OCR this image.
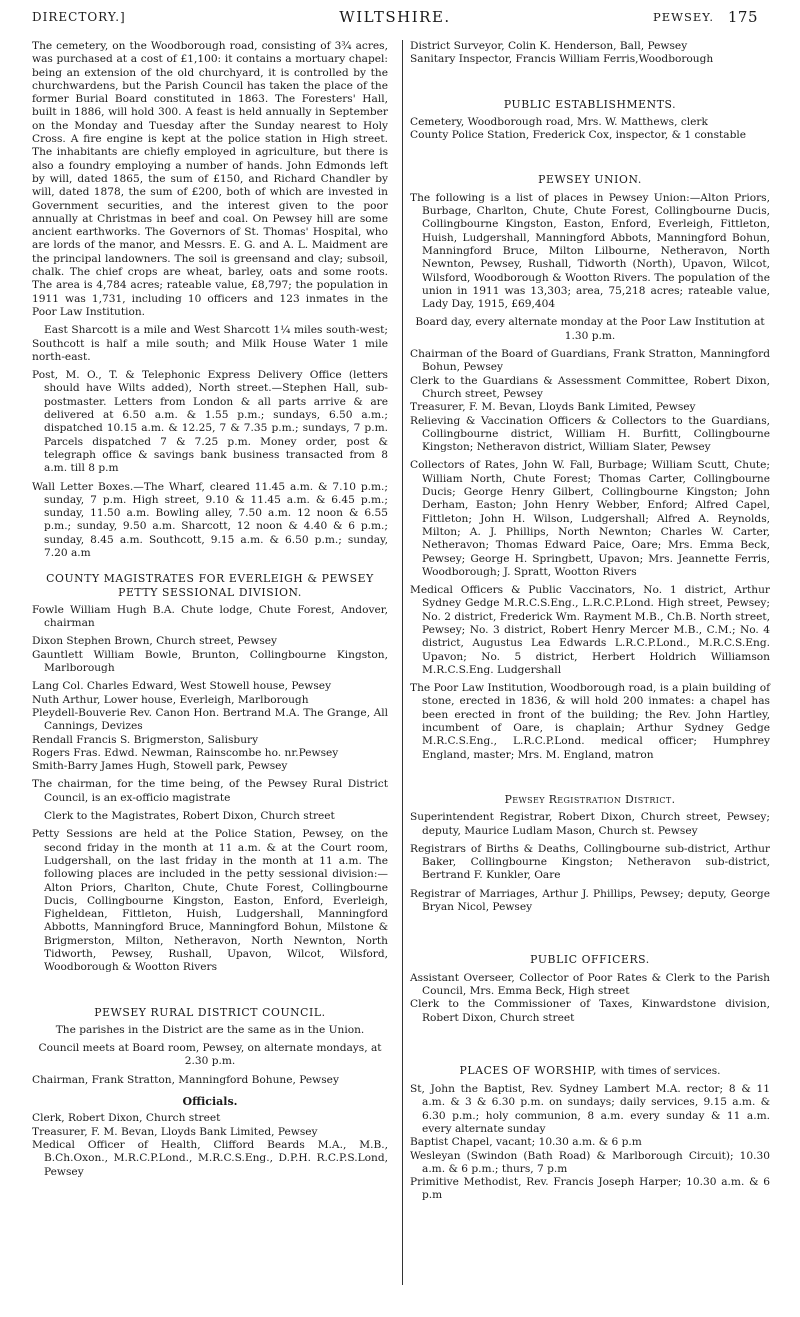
DIRECTORY.]	WILTSHIRE.	PEWSEY. 175

The cemetery, on the Woodborough road, consisting of 3¾ acres, was purchased at a cost of £1,100: it contains a mortuary chapel: being an extension of the old churchyard, it is controlled by the churchwardens, but the Parish Council has taken the place of the former Burial Board constituted in 1863. The Foresters' Hall, built in 1886, will hold 300. A feast is held annually in September on the Monday and Tuesday after the Sunday nearest to Holy Cross. A fire engine is kept at the police station in High street. The inhabitants are chiefly employed in agriculture, but there is also a foundry employing a number of hands. John Edmonds left by will, dated 1865, the sum of £150, and Richard Chandler by will, dated 1878, the sum of £200, both of which are invested in Government securities, and the interest given to the poor annually at Christmas in beef and coal. On Pewsey hill are some ancient earthworks. The Governors of St. Thomas' Hospital, who are lords of the manor, and Messrs. E. G. and A. L. Maidment are the principal landowners. The soil is greensand and clay; subsoil, chalk. The chief crops are wheat, barley, oats and some roots. The area is 4,784 acres; rateable value, £8,797; the population in 1911 was 1,731, including 10 officers and 123 inmates in the Poor Law Institution.

East Sharcott is a mile and West Sharcott 1¼ miles south-west; Southcott is half a mile south; and Milk House Water 1 mile north-east.

Post, M. O., T. & Telephonic Express Delivery Office (letters should have Wilts added), North street.—Stephen Hall, sub-postmaster. Letters from London & all parts arrive & are delivered at 6.50 a.m. & 1.55 p.m.; sundays, 6.50 a.m.; dispatched 10.15 a.m. & 12.25, 7 & 7.35 p.m.; sundays, 7 p.m. Parcels dispatched 7 & 7.25 p.m. Money order, post & telegraph office & savings bank business transacted from 8 a.m. till 8 p.m

Wall Letter Boxes.—The Wharf, cleared 11.45 a.m. & 7.10 p.m.; sunday, 7 p.m. High street, 9.10 & 11.45 a.m. & 6.45 p.m.; sunday, 11.50 a.m. Bowling alley, 7.50 a.m. 12 noon & 6.55 p.m.; sunday, 9.50 a.m. Sharcott, 12 noon & 4.40 & 6 p.m.; sunday, 8.45 a.m. Southcott, 9.15 a.m. & 6.50 p.m.; sunday, 7.20 a.m

COUNTY MAGISTRATES FOR EVERLEIGH & PEWSEY PETTY SESSIONAL DIVISION.

Fowle William Hugh B.A. Chute lodge, Chute Forest, Andover, chairman

Dixon Stephen Brown, Church street, Pewsey

Gauntlett William Bowle, Brunton, Collingbourne Kingston, Marlborough

Lang Col. Charles Edward, West Stowell house, Pewsey

Nuth Arthur, Lower house, Everleigh, Marlborough

Pleydell-Bouverie Rev. Canon Hon. Bertrand M.A. The Grange, All Cannings, Devizes

Rendall Francis S. Brigmerston, Salisbury

Rogers Fras. Edwd. Newman, Rainscombe ho. nr.Pewsey

Smith-Barry James Hugh, Stowell park, Pewsey

The chairman, for the time being, of the Pewsey Rural District Council, is an ex-officio magistrate

Clerk to the Magistrates, Robert Dixon, Church street

Petty Sessions are held at the Police Station, Pewsey, on the second friday in the month at 11 a.m. & at the Court room, Ludgershall, on the last friday in the month at 11 a.m. The following places are included in the petty sessional division:—Alton Priors, Charlton, Chute, Chute Forest, Collingbourne Ducis, Collingbourne Kingston, Easton, Enford, Everleigh, Figheldean, Fittleton, Huish, Ludgershall, Manningford Abbotts, Manningford Bruce, Manningford Bohun, Milstone & Brigmerston, Milton, Netheravon, North Newnton, North Tidworth, Pewsey, Rushall, Upavon, Wilcot, Wilsford, Woodborough & Wootton Rivers

PEWSEY RURAL DISTRICT COUNCIL.

The parishes in the District are the same as in the Union.

Council meets at Board room, Pewsey, on alternate mondays, at 2.30 p.m.

Chairman, Frank Stratton, Manningford Bohune, Pewsey

Officials.

Clerk, Robert Dixon, Church street

Treasurer, F. M. Bevan, Lloyds Bank Limited, Pewsey

Medical Officer of Health, Clifford Beards M.A., M.B., B.Ch.Oxon., M.R.C.P.Lond., M.R.C.S.Eng., D.P.H. R.C.P.S.Lond, Pewsey

District Surveyor, Colin K. Henderson, Ball, Pewsey

Sanitary Inspector, Francis William Ferris,Woodborough

PUBLIC ESTABLISHMENTS.

Cemetery, Woodborough road, Mrs. W. Matthews, clerk

County Police Station, Frederick Cox, inspector, & 1 constable

PEWSEY UNION.

The following is a list of places in Pewsey Union:—Alton Priors, Burbage, Charlton, Chute, Chute Forest, Collingbourne Ducis, Collingbourne Kingston, Easton, Enford, Everleigh, Fittleton, Huish, Ludgershall, Manningford Abbots, Manningford Bohun, Manningford Bruce, Milton Lilbourne, Netheravon, North Newnton, Pewsey, Rushall, Tidworth (North), Upavon, Wilcot, Wilsford, Woodborough & Wootton Rivers. The population of the union in 1911 was 13,303; area, 75,218 acres; rateable value, Lady Day, 1915, £69,404

Board day, every alternate monday at the Poor Law Institution at 1.30 p.m.

Chairman of the Board of Guardians, Frank Stratton, Manningford Bohun, Pewsey

Clerk to the Guardians & Assessment Committee, Robert Dixon, Church street, Pewsey

Treasurer, F. M. Bevan, Lloyds Bank Limited, Pewsey

Relieving & Vaccination Officers & Collectors to the Guardians, Collingbourne district, William H. Burfitt, Collingbourne Kingston; Netheravon district, William Slater, Pewsey

Collectors of Rates, John W. Fall, Burbage; William Scutt, Chute; William North, Chute Forest; Thomas Carter, Collingbourne Ducis; George Henry Gilbert, Collingbourne Kingston; John Derham, Easton; John Henry Webber, Enford; Alfred Capel, Fittleton; John H. Wilson, Ludgershall; Alfred A. Reynolds, Milton; A. J. Phillips, North Newnton; Charles W. Carter, Netheravon; Thomas Edward Paice, Oare; Mrs. Emma Beck, Pewsey; George H. Springbett, Upavon; Mrs. Jeannette Ferris, Woodborough; J. Spratt, Wootton Rivers

Medical Officers & Public Vaccinators, No. 1 district, Arthur Sydney Gedge M.R.C.S.Eng., L.R.C.P.Lond. High street, Pewsey; No. 2 district, Frederick Wm. Rayment M.B., Ch.B. North street, Pewsey; No. 3 district, Robert Henry Mercer M.B., C.M.; No. 4 district, Augustus Lea Edwards L.R.C.P.Lond., M.R.C.S.Eng. Upavon; No. 5 district, Herbert Holdrich Williamson M.R.C.S.Eng. Ludgershall

The Poor Law Institution, Woodborough road, is a plain building of stone, erected in 1836, & will hold 200 inmates: a chapel has been erected in front of the building; the Rev. John Hartley, incumbent of Oare, is chaplain; Arthur Sydney Gedge M.R.C.S.Eng., L.R.C.P.Lond. medical officer; Humphrey England, master; Mrs. M. England, matron

Pewsey Registration District.

Superintendent Registrar, Robert Dixon, Church street, Pewsey; deputy, Maurice Ludlam Mason, Church st. Pewsey

Registrars of Births & Deaths, Collingbourne sub-district, Arthur Baker, Collingbourne Kingston; Netheravon sub-district, Bertrand F. Kunkler, Oare

Registrar of Marriages, Arthur J. Phillips, Pewsey; deputy, George Bryan Nicol, Pewsey

PUBLIC OFFICERS.

Assistant Overseer, Collector of Poor Rates & Clerk to the Parish Council, Mrs. Emma Beck, High street

Clerk to the Commissioner of Taxes, Kinwardstone division, Robert Dixon, Church street

PLACES OF WORSHIP, with times of services.

St, John the Baptist, Rev. Sydney Lambert M.A. rector; 8 & 11 a.m. & 3 & 6.30 p.m. on sundays; daily services, 9.15 a.m. & 6.30 p.m.; holy communion, 8 a.m. every sunday & 11 a.m. every alternate sunday

Baptist Chapel, vacant; 10.30 a.m. & 6 p.m

Wesleyan (Swindon (Bath Road) & Marlborough Circuit); 10.30 a.m. & 6 p.m.; thurs, 7 p.m

Primitive Methodist, Rev. Francis Joseph Harper; 10.30 a.m. & 6 p.m
